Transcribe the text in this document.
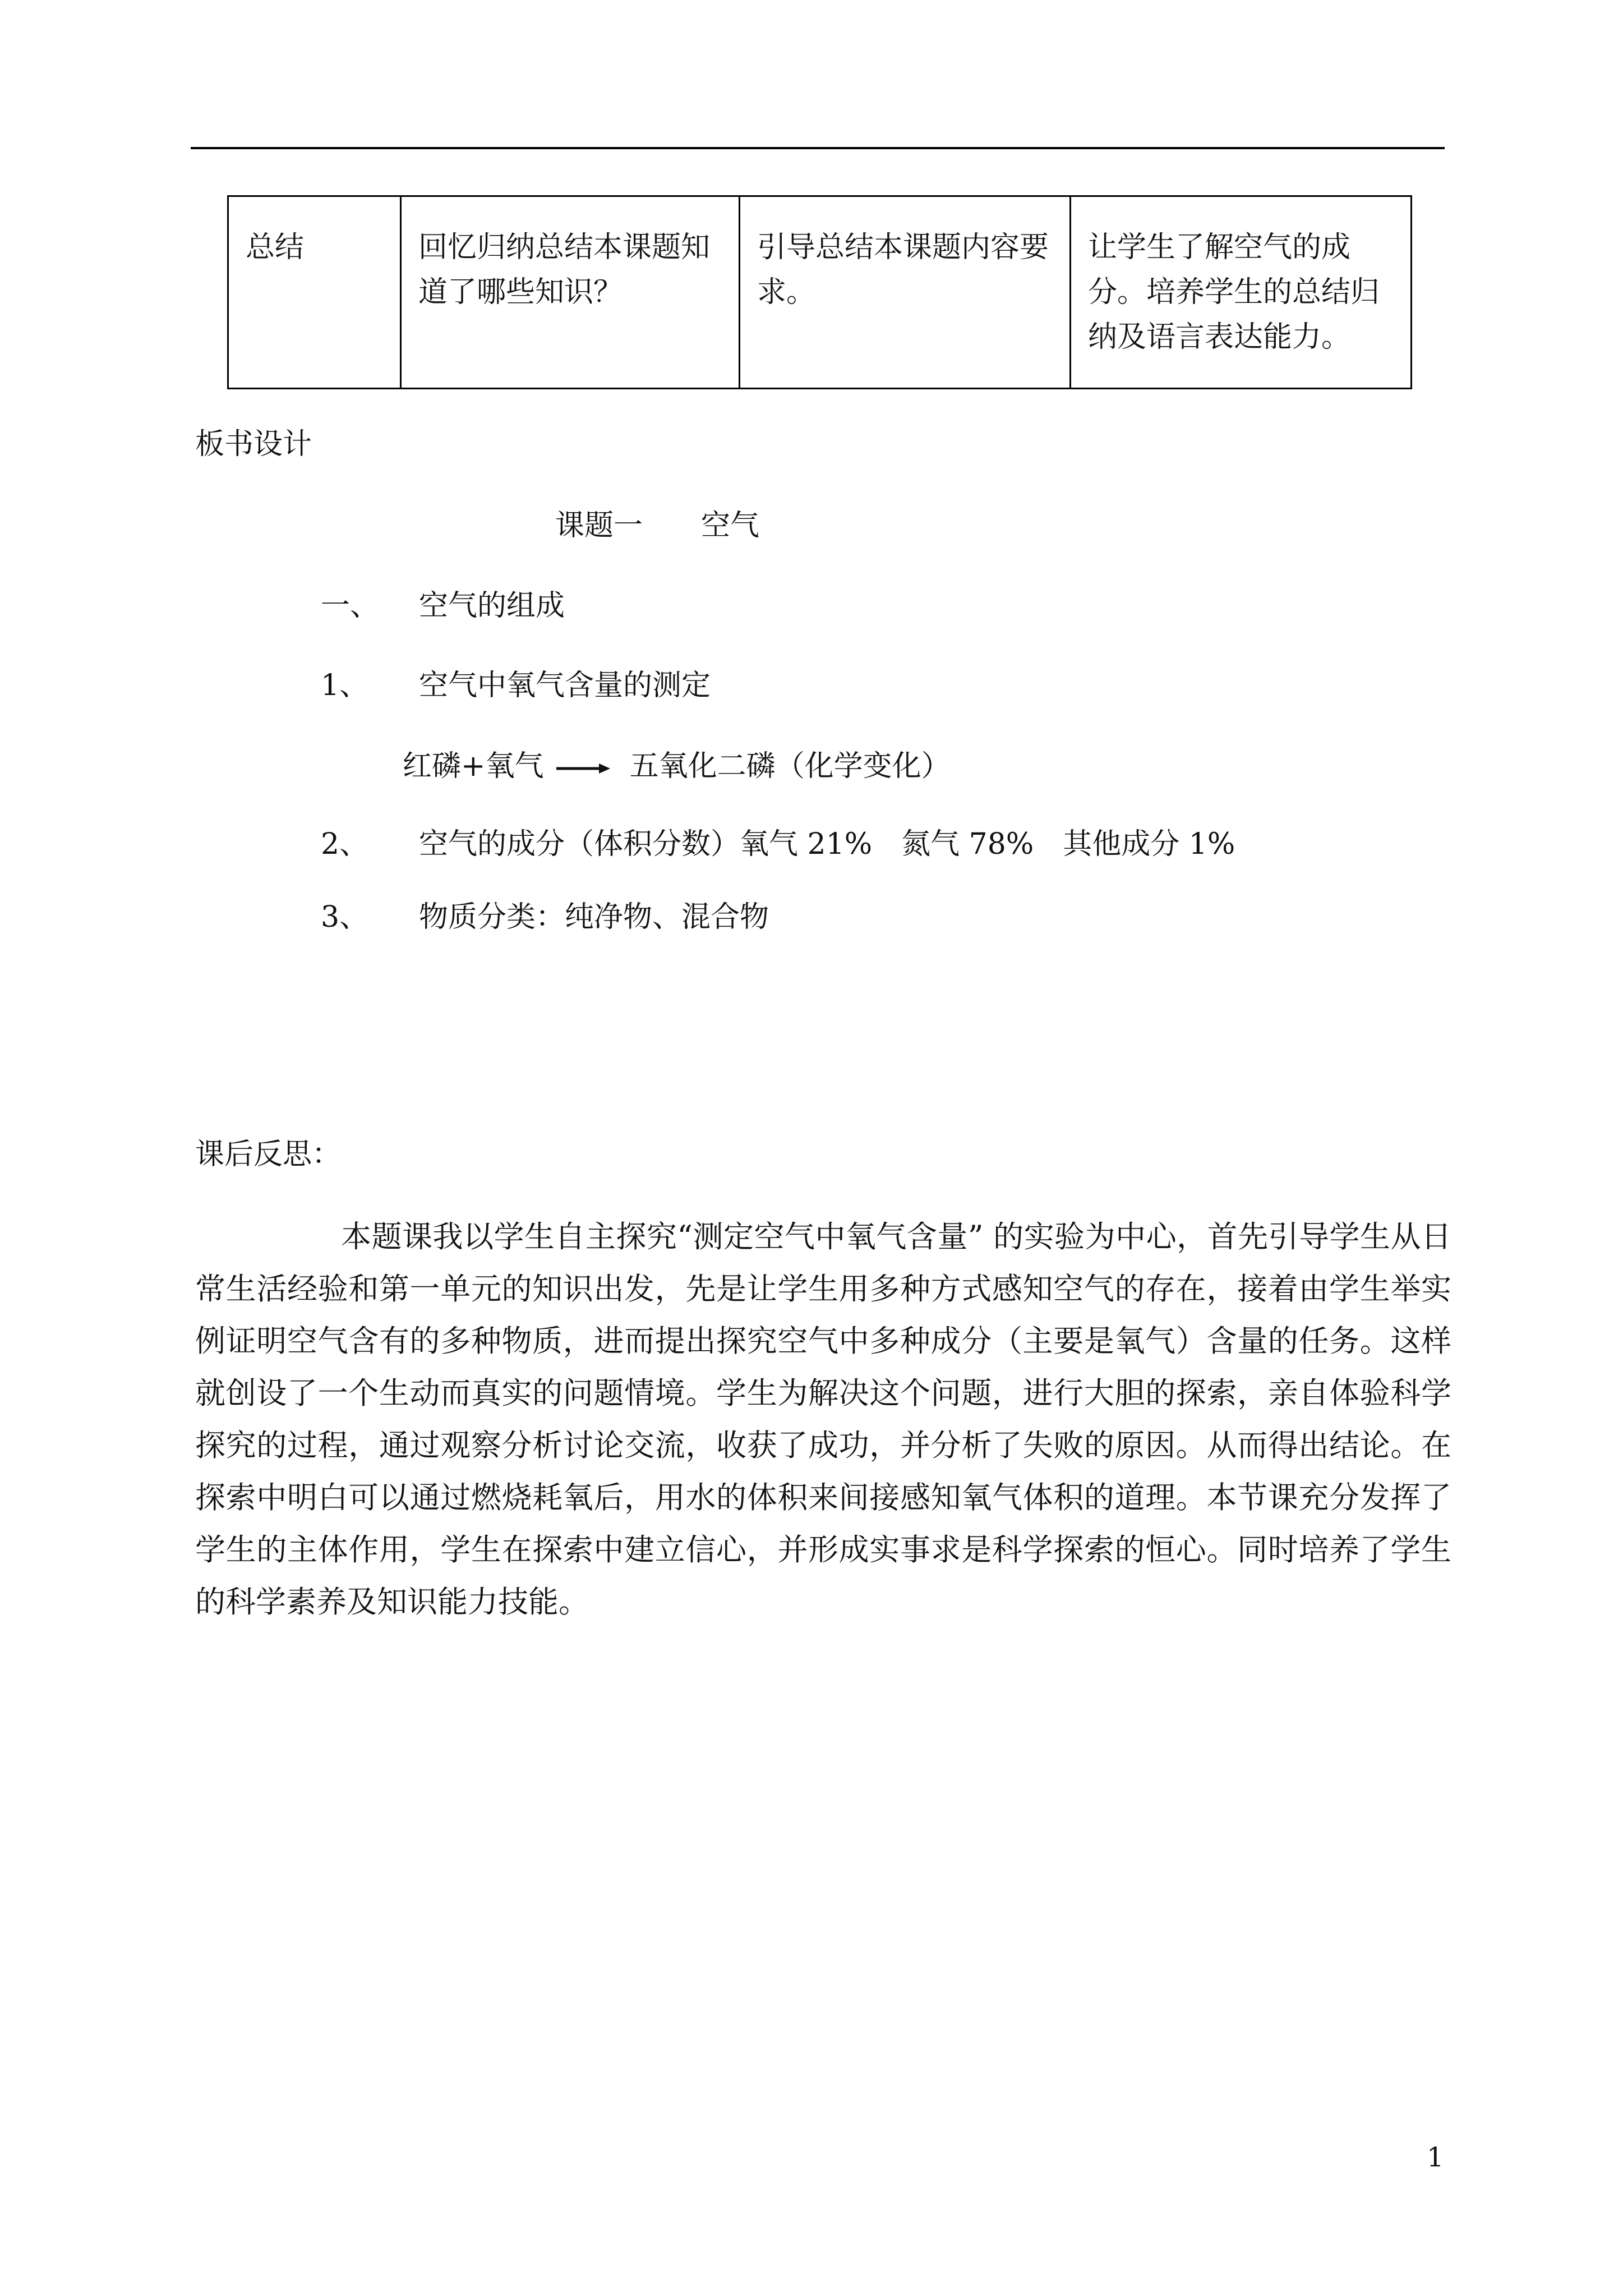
总结	回忆归纳总结本课题知道了哪些知识？	引导总结本课题内容要求。	让学生了解空气的成分。培养学生的总结归纳及语言表达能力。
板书设计
课题一　　空气
一、 空气的组成
1、 空气中氧气含量的测定
红磷+氧气 → 五氧化二磷（化学变化）
2、 空气的成分（体积分数）氧气 21%　氮气 78%　其他成分 1%
3、 物质分类：纯净物、混合物
课后反思：
本题课我以学生自主探究“测定空气中氧气含量” 的实验为中心，首先引导学生从日常生活经验和第一单元的知识出发，先是让学生用多种方式感知空气的存在，接着由学生举实例证明空气含有的多种物质，进而提出探究空气中多种成分（主要是氧气）含量的任务。这样就创设了一个生动而真实的问题情境。学生为解决这个问题，进行大胆的探索，亲自体验科学探究的过程，通过观察分析讨论交流，收获了成功，并分析了失败的原因。从而得出结论。在探索中明白可以通过燃烧耗氧后，用水的体积来间接感知氧气体积的道理。本节课充分发挥了学生的主体作用，学生在探索中建立信心，并形成实事求是科学探索的恒心。同时培养了学生的科学素养及知识能力技能。
1
